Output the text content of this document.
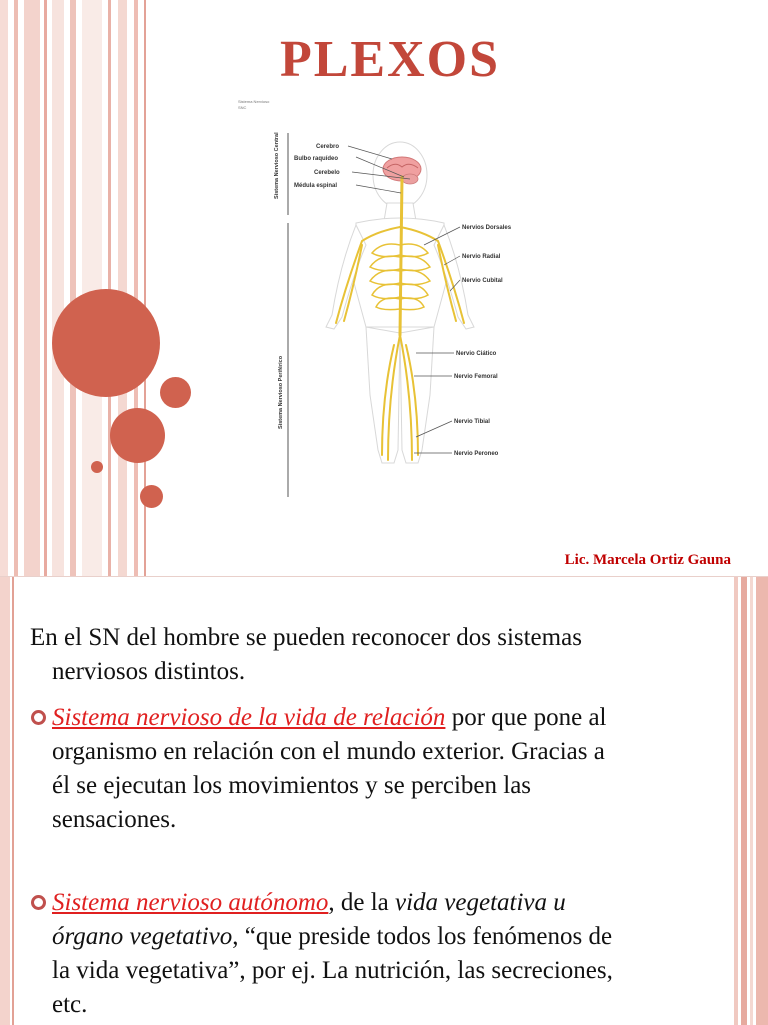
PLEXOS
Sistema Nervioso
SNC
Sistema Nervioso Central
Sistema Nervioso Periférico
Cerebro
Bulbo raquídeo
Cerebelo
Médula espinal
Nervios Dorsales
Nervio Radial
Nervio Cubital
Nervio Ciático
Nervio Femoral
Nervio Tibial
Nervio Peroneo

Lic. Marcela Ortiz Gauna

En el SN del hombre se pueden reconocer dos sistemas
nerviosos distintos.

Sistema nervioso de la vida de relación por que pone al
organismo en relación con el mundo exterior. Gracias a
él se ejecutan los movimientos y se perciben las
sensaciones.

Sistema nervioso autónomo, de la vida vegetativa u
órgano vegetativo, “que preside todos los fenómenos de
la vida vegetativa”, por ej. La nutrición, las secreciones,
etc.
